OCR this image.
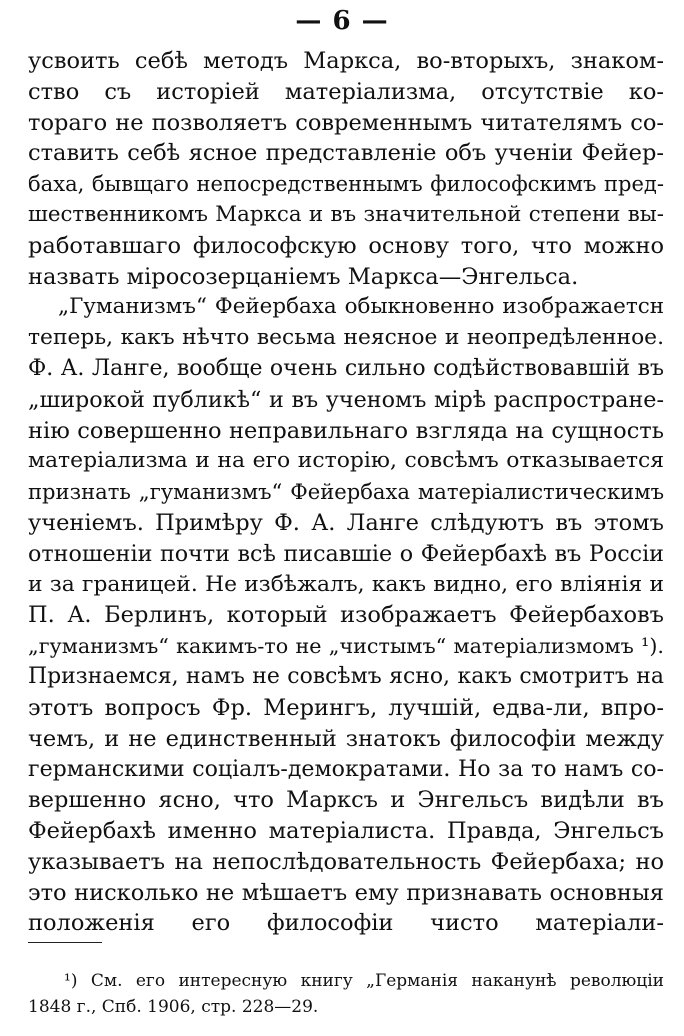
— 6 —
усвоить себѣ методъ Маркса, во-вторыхъ, знаком-
ство съ исторіей матеріализма, отсутствіе ко-
тораго не позволяетъ современнымъ читателямъ со-
ставить себѣ ясное представленіе объ ученіи Фейер-
баха, бывщаго непосредственнымъ философскимъ пред-
шественникомъ Маркса и въ значительной степени вы-
работавшаго философскую основу того, что можно
назвать міросозерцаніемъ Маркса—Энгельса.
„Гуманизмъ“ Фейербаха обыкновенно изображаетсн
теперь, какъ нѣчто весьма неясное и неопредѣленное.
Ф. А. Ланге, вообще очень сильно содѣйствовавшій въ
„широкой публикѣ“ и въ ученомъ мірѣ распростране-
нію совершенно неправильнаго взгляда на сущность
матеріализма и на его исторію, совсѣмъ отказывается
признать „гуманизмъ“ Фейербаха матеріалистическимъ
ученіемъ. Примѣру Ф. А. Ланге слѣдуютъ въ этомъ
отношеніи почти всѣ писавшіе о Фейербахѣ въ Россіи
и за границей. Не избѣжалъ, какъ видно, его вліянія и
П. А. Берлинъ, который изображаетъ Фейербаховъ
„гуманизмъ“ какимъ-то не „чистымъ“ матеріализмомъ ¹).
Признаемся, намъ не совсѣмъ ясно, какъ смотритъ на
этотъ вопросъ Фр. Мерингъ, лучшій, едва-ли, впро-
чемъ, и не единственный знатокъ философіи между
германскими соціалъ-демократами. Но за то намъ со-
вершенно ясно, что Марксъ и Энгельсъ видѣли въ
Фейербахѣ именно матеріалиста. Правда, Энгельсъ
указываетъ на непослѣдовательность Фейербаха; но
это нисколько не мѣшаетъ ему признавать основныя
положенія его философіи чисто матеріали-
¹) См. его интересную книгу „Германія наканунѣ революціи
1848 г., Спб. 1906, стр. 228—29.
